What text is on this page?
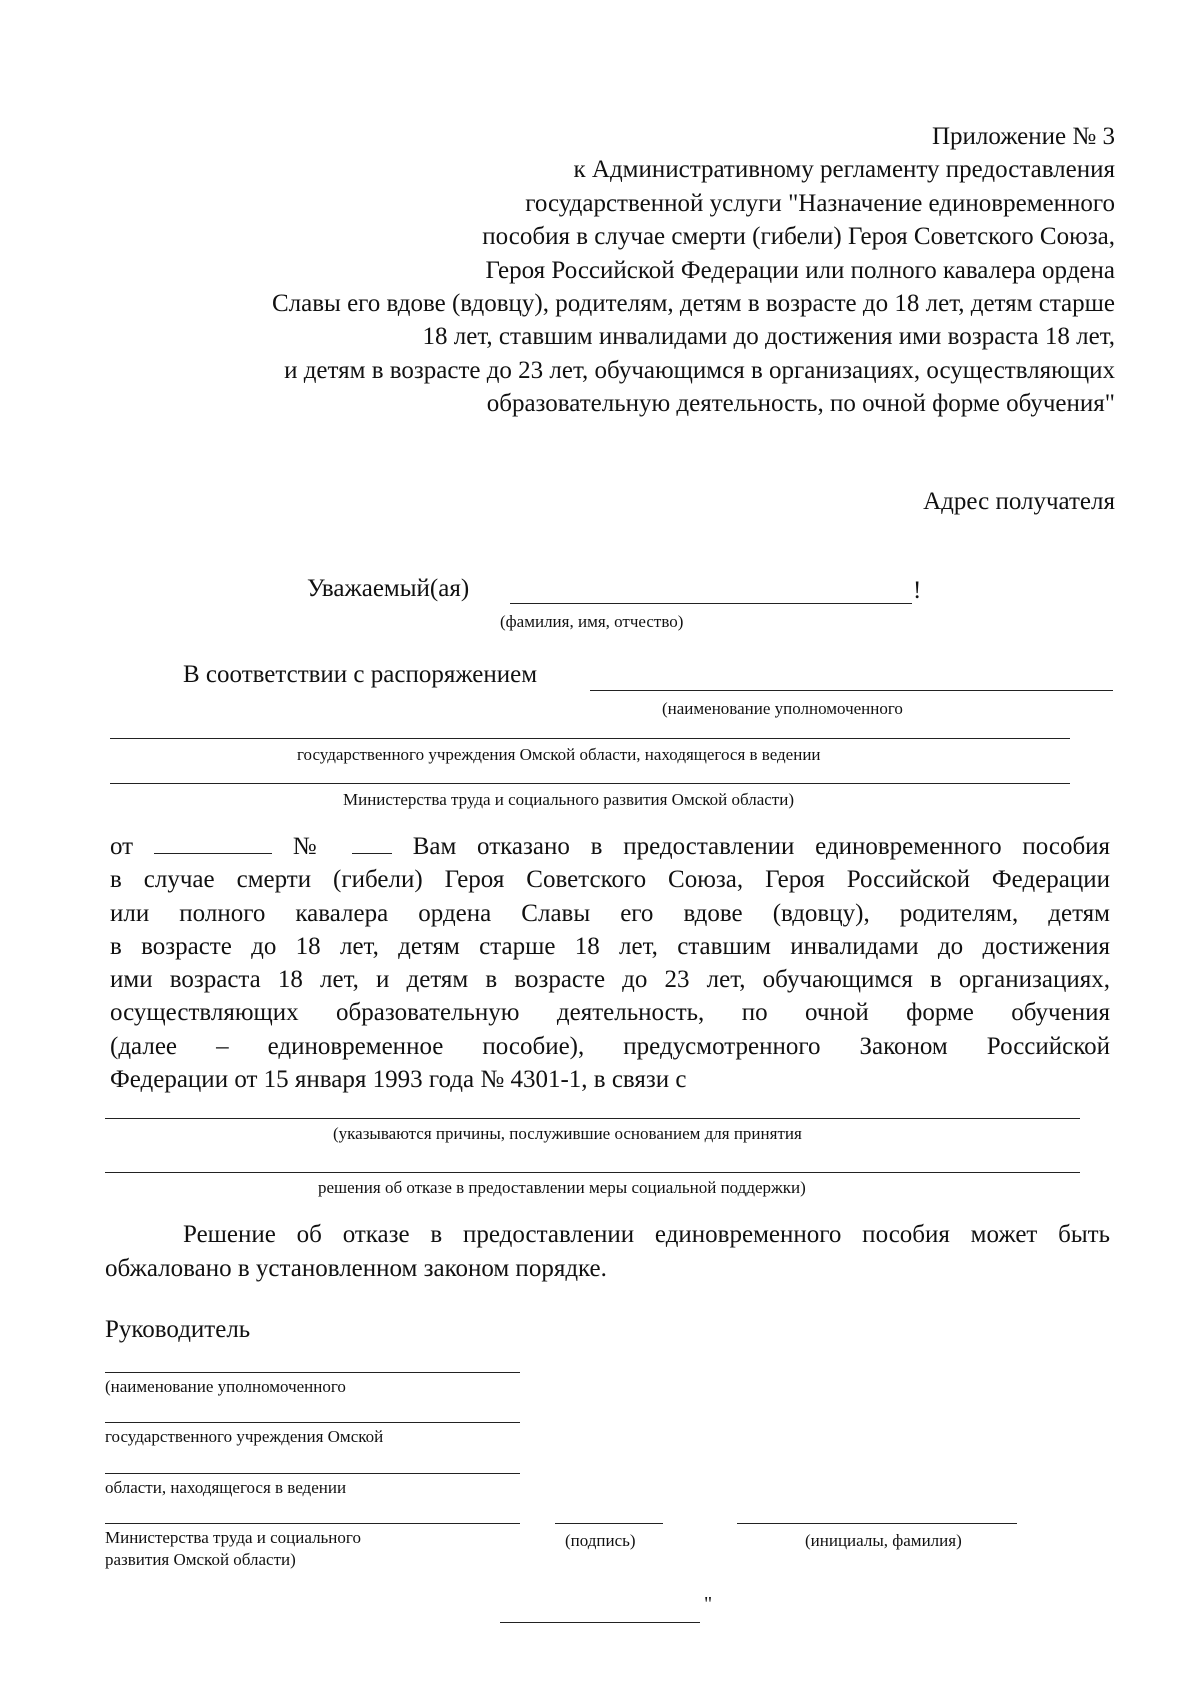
Приложение № 3
к Административному регламенту предоставления
государственной услуги "Назначение единовременного
пособия в случае смерти (гибели) Героя Советского Союза,
Героя Российской Федерации или полного кавалера ордена
Славы его вдове (вдовцу), родителям, детям в возрасте до 18 лет, детям старше
18 лет, ставшим инвалидами до достижения ими возраста 18 лет,
и детям в возрасте до 23 лет, обучающимся в организациях, осуществляющих
образовательную деятельность, по очной форме обучения"
Адрес получателя
Уважаемый(ая)	!
(фамилия, имя, отчество)
В соответствии с распоряжением
(наименование уполномоченного
государственного учреждения Омской области, находящегося в ведении
Министерства труда и социального развития Омской области)
от	№	Вам отказано в предоставлении единовременного пособия
в случае смерти (гибели) Героя Советского Союза, Героя Российской Федерации
или полного кавалера ордена Славы его вдове (вдовцу), родителям, детям
в возрасте до 18 лет, детям старше 18 лет, ставшим инвалидами до достижения
ими возраста 18 лет, и детям в возрасте до 23 лет, обучающимся в организациях,
осуществляющих образовательную деятельность, по очной форме обучения
(далее – единовременное пособие), предусмотренного Законом Российской
Федерации от 15 января 1993 года № 4301-1, в связи с
(указываются причины, послужившие основанием для принятия
решения об отказе в предоставлении меры социальной поддержки)
Решение об отказе в предоставлении единовременного пособия может быть
обжаловано в установленном законом порядке.
Руководитель
(наименование уполномоченного
государственного учреждения Омской
области, находящегося в ведении
Министерства труда и социального
развития Омской области)
(подпись)	(инициалы, фамилия)
"
